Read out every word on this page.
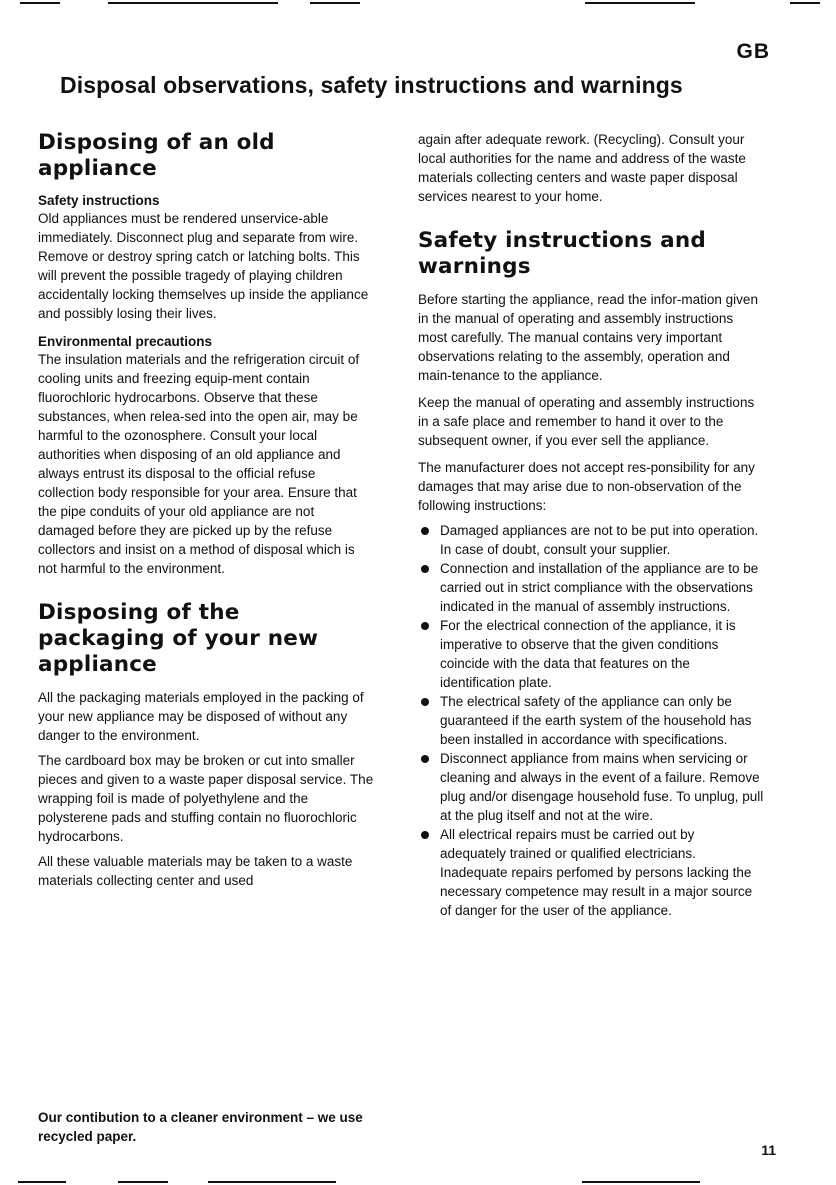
GB
Disposal observations, safety instructions and warnings
Disposing of an old appliance
Safety instructions

Old appliances must be rendered unservice-able immediately. Disconnect plug and separate from wire. Remove or destroy spring catch or latching bolts. This will prevent the possible tragedy of playing children accidentally locking themselves up inside the appliance and possibly losing their lives.

Environmental precautions

The insulation materials and the refrigeration circuit of cooling units and freezing equip-ment contain fluorochloric hydrocarbons. Observe that these substances, when relea-sed into the open air, may be harmful to the ozonosphere. Consult your local authorities when disposing of an old appliance and always entrust its disposal to the official refuse collection body responsible for your area. Ensure that the pipe conduits of your old appliance are not damaged before they are picked up by the refuse collectors and insist on a method of disposal which is not harmful to the environment.

Disposing of the packaging of your new appliance

All the packaging materials employed in the packing of your new appliance may be disposed of without any danger to the environment.

The cardboard box may be broken or cut into smaller pieces and given to a waste paper disposal service. The wrapping foil is made of polyethylene and the polysterene pads and stuffing contain no fluorochloric hydrocarbons.

All these valuable materials may be taken to a waste materials collecting center and used

again after adequate rework. (Recycling). Consult your local authorities for the name and address of the waste materials collecting centers and waste paper disposal services nearest to your home.

Safety instructions and warnings

Before starting the appliance, read the infor-mation given in the manual of operating and assembly instructions most carefully. The manual contains very important observations relating to the assembly, operation and main-tenance to the appliance.

Keep the manual of operating and assembly instructions in a safe place and remember to hand it over to the subsequent owner, if you ever sell the appliance.

The manufacturer does not accept res-ponsibility for any damages that may arise due to non-observation of the following instructions:

Damaged appliances are not to be put into operation. In case of doubt, consult your supplier.
Connection and installation of the appliance are to be carried out in strict compliance with the observations indicated in the manual of assembly instructions.
For the electrical connection of the appliance, it is imperative to observe that the given conditions coincide with the data that features on the identification plate.
The electrical safety of the appliance can only be guaranteed if the earth system of the household has been installed in accordance with specifications.
Disconnect appliance from mains when servicing or cleaning and always in the event of a failure. Remove plug and/or disengage household fuse. To unplug, pull at the plug itself and not at the wire.
All electrical repairs must be carried out by adequately trained or qualified electricians. Inadequate repairs perfomed by persons lacking the necessary competence may result in a major source of danger for the user of the appliance.
Our contibution to a cleaner environment – we use recycled paper.
11
